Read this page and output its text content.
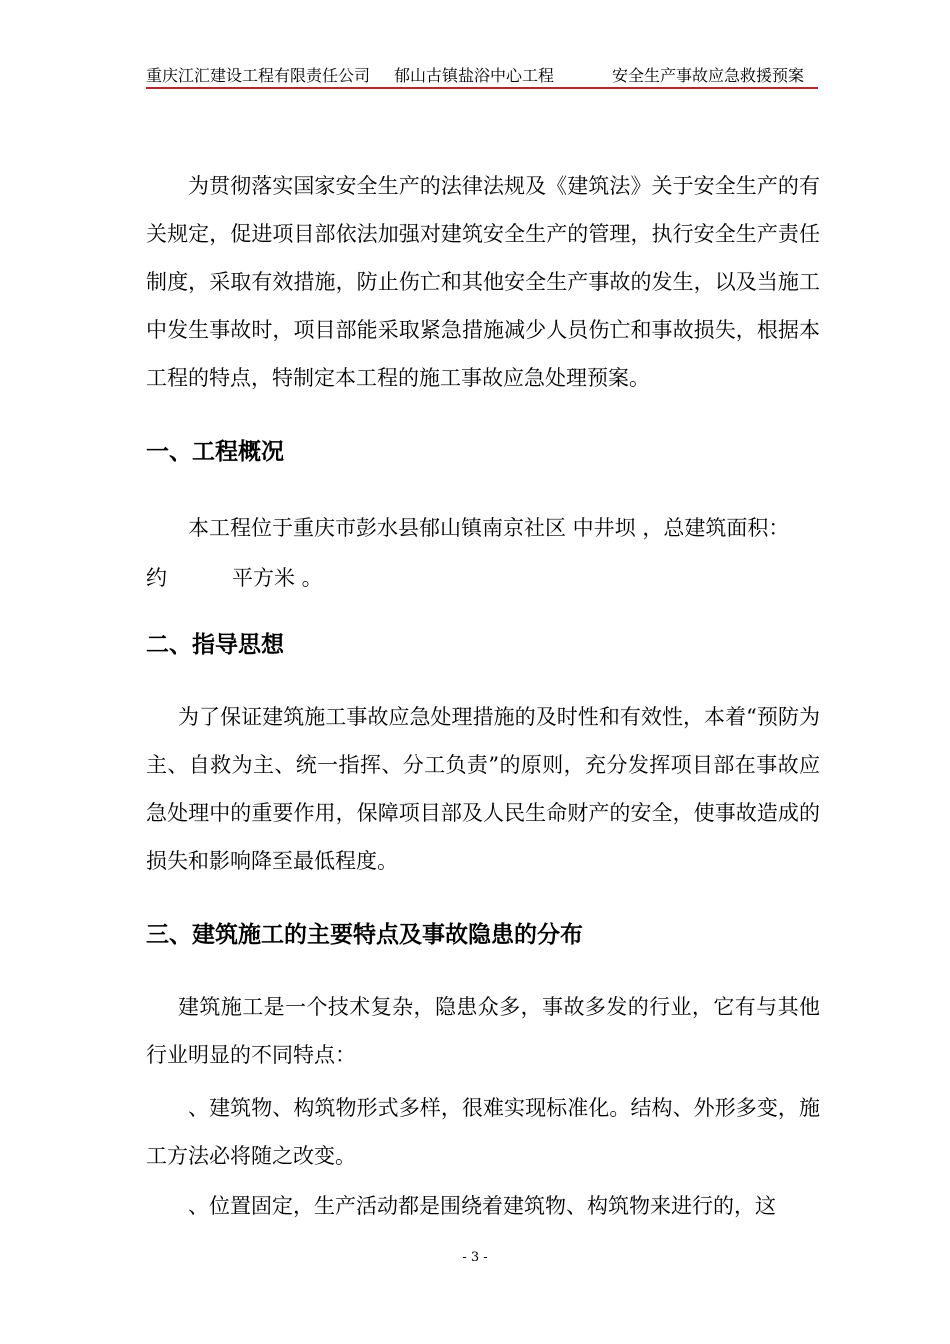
重庆江汇建设工程有限责任公司 郁山古镇盐浴中心工程	安全生产事故应急救援预案

为贯彻落实国家安全生产的法律法规及《建筑法》关于安全生产的有关规定，促进项目部依法加强对建筑安全生产的管理，执行安全生产责任制度，采取有效措施，防止伤亡和其他安全生产事故的发生，以及当施工中发生事故时，项目部能采取紧急措施减少人员伤亡和事故损失，根据本工程的特点，特制定本工程的施工事故应急处理预案。

一、工程概况
本工程位于重庆市彭水县郁山镇南京社区 中井坝 ，总建筑面积：
约	平方米 。
二、指导思想

为了保证建筑施工事故应急处理措施的及时性和有效性，本着“预防为主、自救为主、统一指挥、分工负责”的原则，充分发挥项目部在事故应急处理中的重要作用，保障项目部及人民生命财产的安全，使事故造成的损失和影响降至最低程度。

三、建筑施工的主要特点及事故隐患的分布

建筑施工是一个技术复杂，隐患众多，事故多发的行业，它有与其他行业明显的不同特点：

、建筑物、构筑物形式多样，很难实现标准化。结构、外形多变，施工方法必将随之改变。

、位置固定，生产活动都是围绕着建筑物、构筑物来进行的，这

- 3 -
